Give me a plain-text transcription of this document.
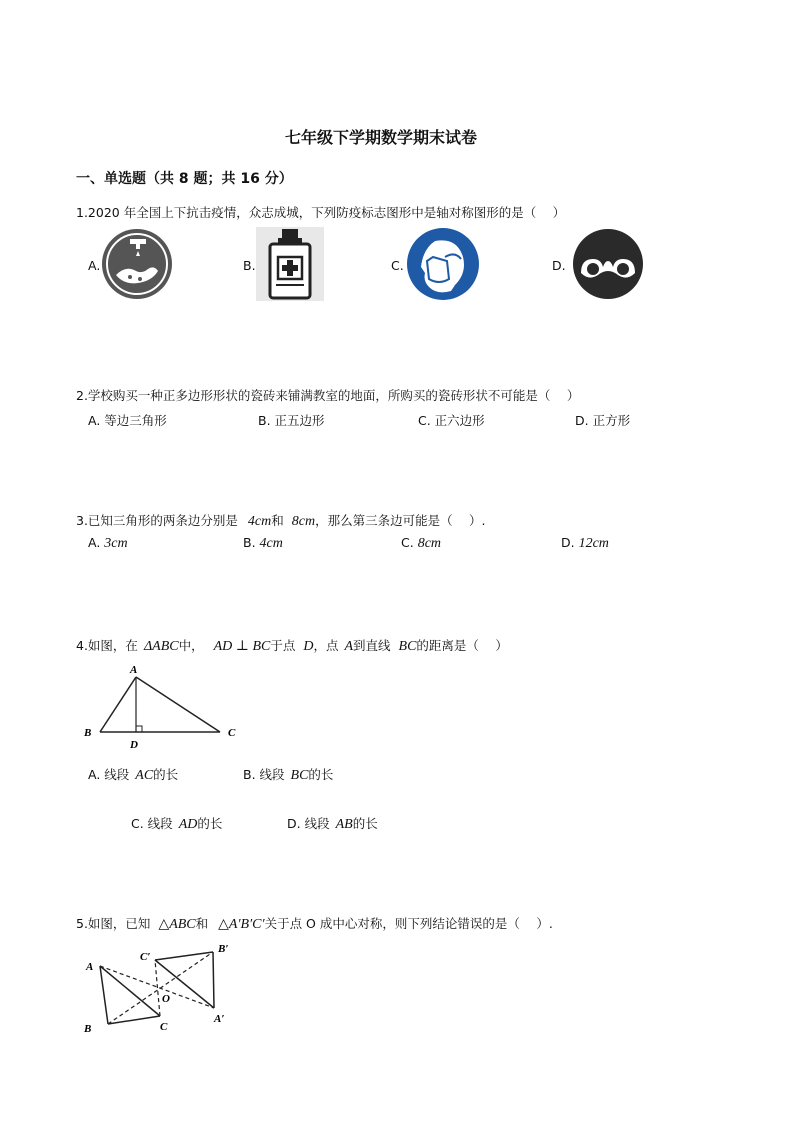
七年级下学期数学期末试卷
一、单选题（共 8 题；共 16 分）
1.2020 年全国上下抗击疫情，众志成城，下列防疫标志图形中是轴对称图形的是（　 ）
A.	B.	C.	D.
2.学校购买一种正多边形形状的瓷砖来铺满教室的地面，所购买的瓷砖形状不可能是（　 ）
A. 等边三角形	B. 正五边形	C. 正六边形	D. 正方形
3.已知三角形的两条边分别是 4cm和 8cm，那么第三条边可能是（　 ）.
A. 3cm	B. 4cm	C. 8cm	D. 12cm
4.如图，在 ΔABC中， AD ⊥ BC于点 D，点 A到直线 BC的距离是（　 ）
A
B	C
D
A. 线段 AC的长	B. 线段 BC的长
C. 线段 AD的长	D. 线段 AB的长
5.如图，已知 △ABC和 △A′B′C′关于点 O 成中心对称，则下列结论错误的是（　 ）.
A
B	C
O
C′
B′
A′
